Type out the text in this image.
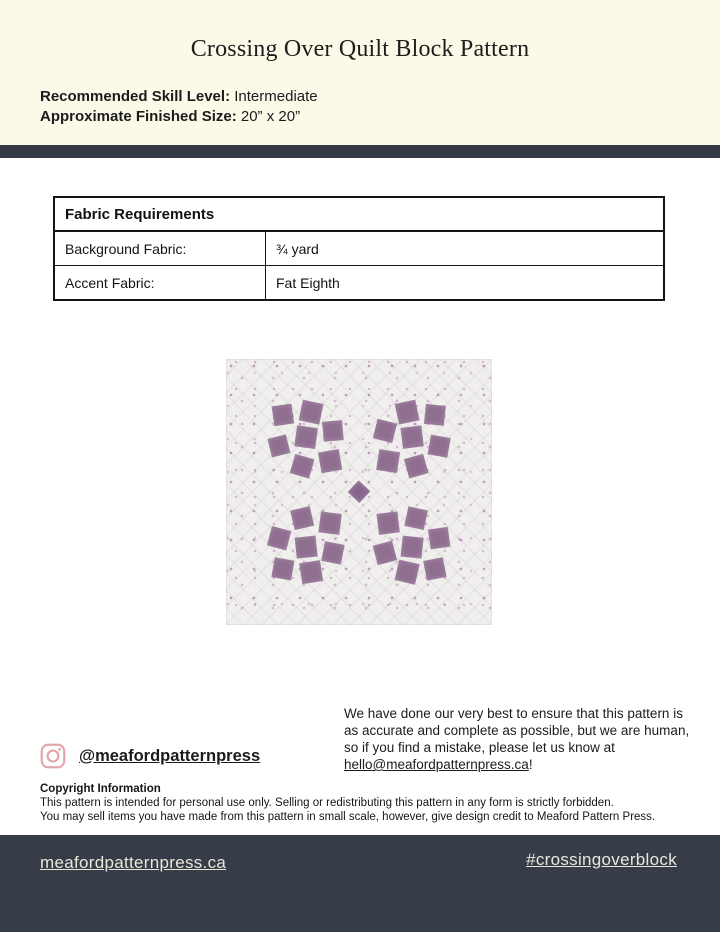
Crossing Over Quilt Block Pattern
Recommended Skill Level: Intermediate
Approximate Finished Size: 20” x 20”
Fabric Requirements
Background Fabric:	¾ yard
Accent Fabric:	Fat Eighth
We have done our very best to ensure that this pattern is
as accurate and complete as possible, but we are human,
so if you find a mistake, please let us know at
hello@meafordpatternpress.ca!
@meafordpatternpress
Copyright Information
This pattern is intended for personal use only. Selling or redistributing this pattern in any form is strictly forbidden.
You may sell items you have made from this pattern in small scale, however, give design credit to Meaford Pattern Press.
meafordpatternpress.ca	#crossingoverblock
